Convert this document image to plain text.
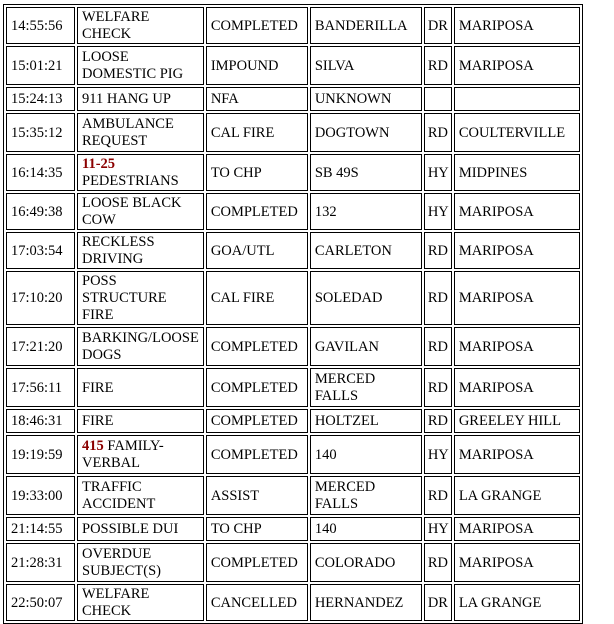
14:55:56	WELFARE CHECK	COMPLETED	BANDERILLA	DR	MARIPOSA
15:01:21	LOOSE DOMESTIC PIG	IMPOUND	SILVA	RD	MARIPOSA
15:24:13	911 HANG UP	NFA	UNKNOWN		
15:35:12	AMBULANCE REQUEST	CAL FIRE	DOGTOWN	RD	COULTERVILLE
16:14:35	11-25 PEDESTRIANS	TO CHP	SB 49S	HY	MIDPINES
16:49:38	LOOSE BLACK COW	COMPLETED	132	HY	MARIPOSA
17:03:54	RECKLESS DRIVING	GOA/UTL	CARLETON	RD	MARIPOSA
17:10:20	POSS STRUCTURE FIRE	CAL FIRE	SOLEDAD	RD	MARIPOSA
17:21:20	BARKING/LOOSE DOGS	COMPLETED	GAVILAN	RD	MARIPOSA
17:56:11	FIRE	COMPLETED	MERCED FALLS	RD	MARIPOSA
18:46:31	FIRE	COMPLETED	HOLTZEL	RD	GREELEY HILL
19:19:59	415 FAMILY-VERBAL	COMPLETED	140	HY	MARIPOSA
19:33:00	TRAFFIC ACCIDENT	ASSIST	MERCED FALLS	RD	LA GRANGE
21:14:55	POSSIBLE DUI	TO CHP	140	HY	MARIPOSA
21:28:31	OVERDUE SUBJECT(S)	COMPLETED	COLORADO	RD	MARIPOSA
22:50:07	WELFARE CHECK	CANCELLED	HERNANDEZ	DR	LA GRANGE
